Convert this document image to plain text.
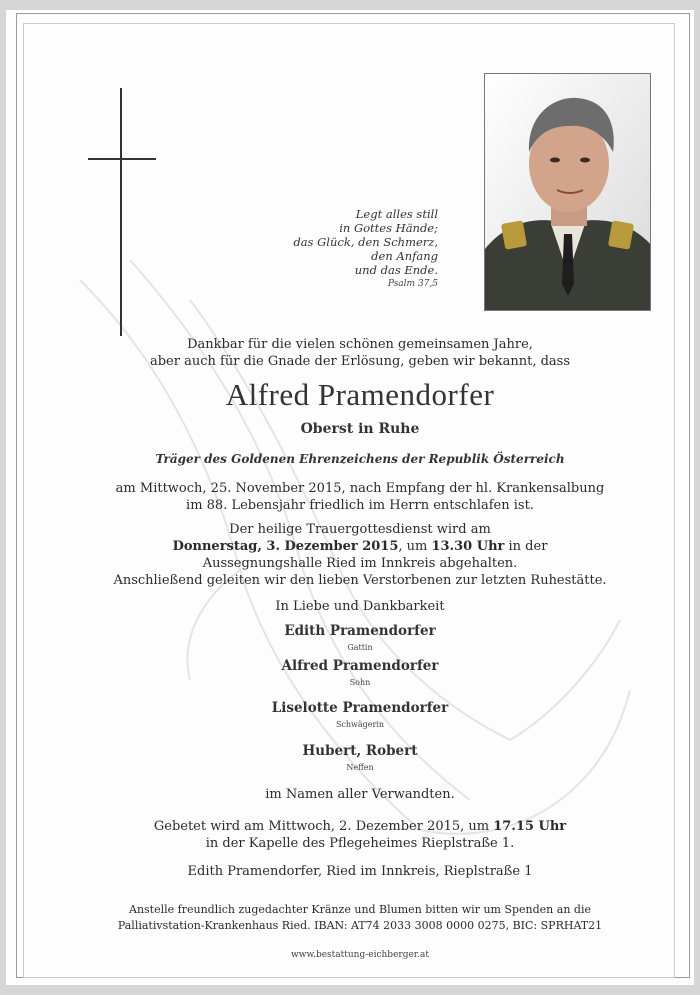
Legt alles still
in Gottes Hände;
das Glück, den Schmerz,
den Anfang
und das Ende.
Psalm 37,5
Dankbar für die vielen schönen gemeinsamen Jahre,
aber auch für die Gnade der Erlösung, geben wir bekannt, dass
Alfred Pramendorfer
Oberst in Ruhe
Träger des Goldenen Ehrenzeichens der Republik Österreich
am Mittwoch, 25. November 2015, nach Empfang der hl. Krankensalbung
im 88. Lebensjahr friedlich im Herrn entschlafen ist.
Der heilige Trauergottesdienst wird am
Donnerstag, 3. Dezember 2015, um 13.30 Uhr in der
Aussegnungshalle Ried im Innkreis abgehalten.
Anschließend geleiten wir den lieben Verstorbenen zur letzten Ruhestätte.
In Liebe und Dankbarkeit
Edith Pramendorfer
Gattin
Alfred Pramendorfer
Sohn
Liselotte Pramendorfer
Schwägerin
Hubert, Robert
Neffen
im Namen aller Verwandten.
Gebetet wird am Mittwoch, 2. Dezember 2015, um 17.15 Uhr
in der Kapelle des Pflegeheimes Rieplstraße 1.
Edith Pramendorfer, Ried im Innkreis, Rieplstraße 1
Anstelle freundlich zugedachter Kränze und Blumen bitten wir um Spenden an die
Palliativstation-Krankenhaus Ried. IBAN: AT74 2033 3008 0000 0275, BIC: SPRHAT21
www.bestattung-eichberger.at
